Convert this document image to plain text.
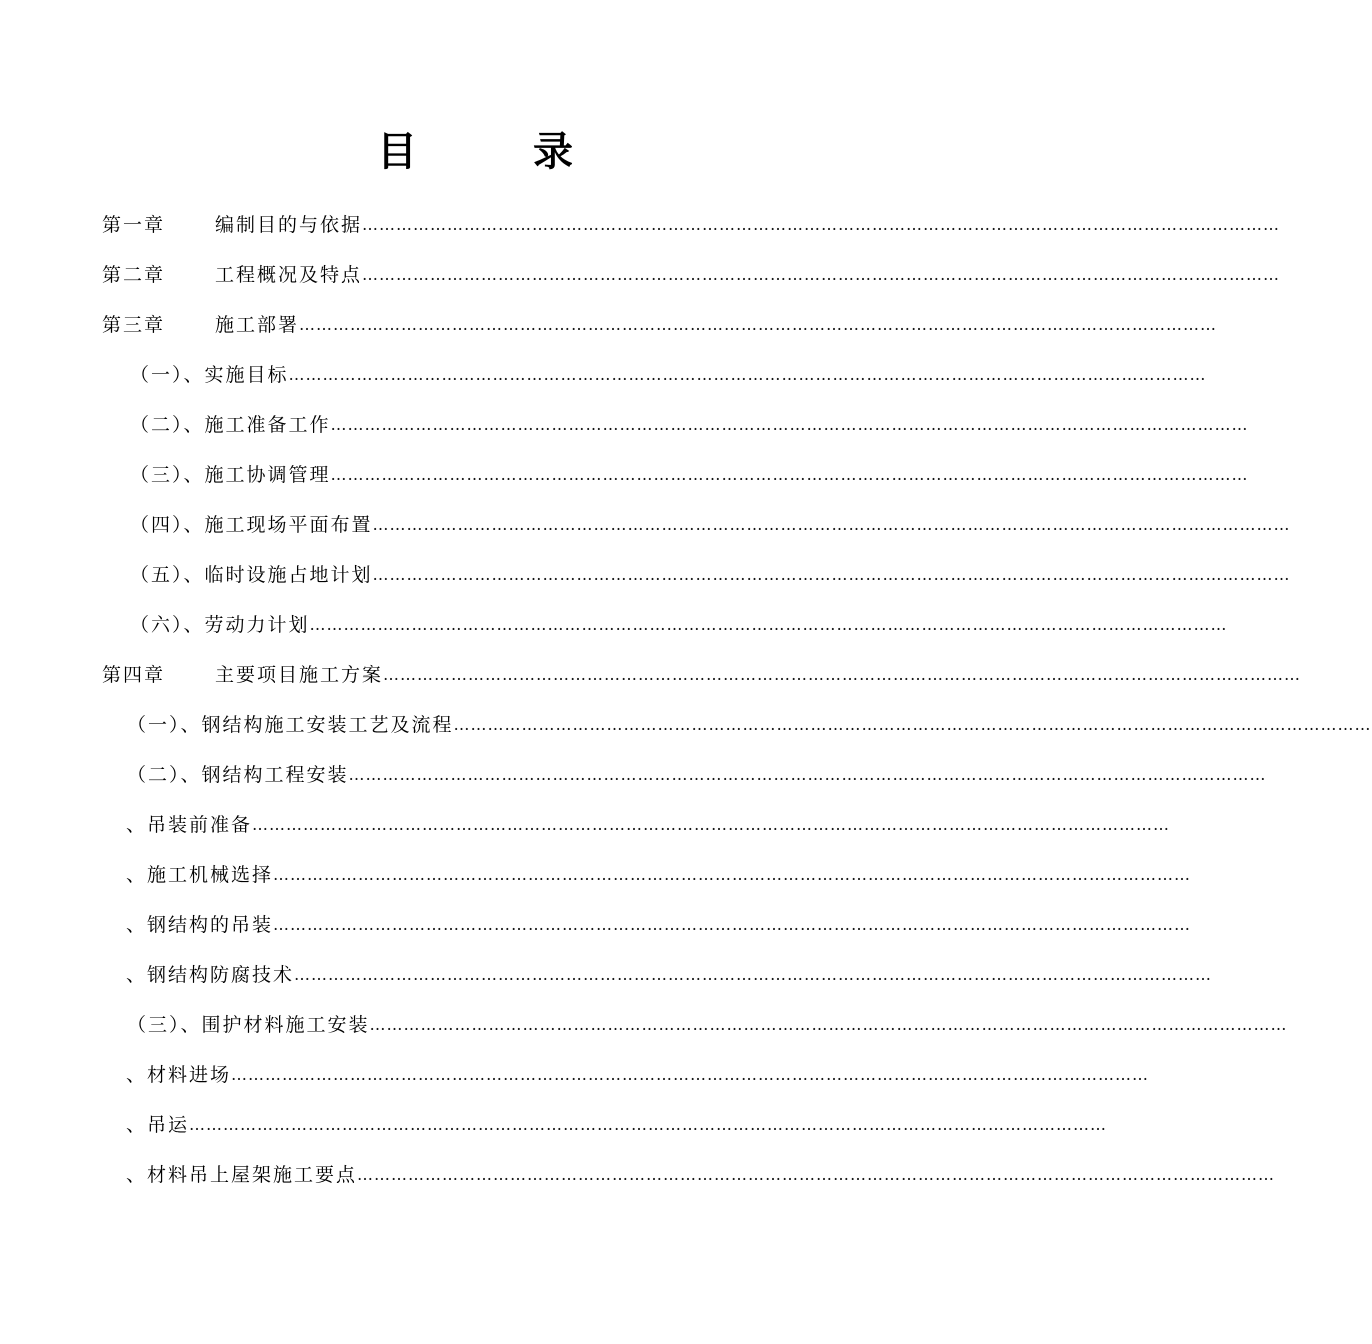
目　录
第一章	编制目的与依据 ………………………………………………………………………………………………………………………………………………
第二章	工程概况及特点 ………………………………………………………………………………………………………………………………………………
第三章	施工部署 ………………………………………………………………………………………………………………………………………………
（一）、实施目标 ………………………………………………………………………………………………………………………………………………
（二）、施工准备工作 ………………………………………………………………………………………………………………………………………………
（三）、施工协调管理 ………………………………………………………………………………………………………………………………………………
（四）、施工现场平面布置 ………………………………………………………………………………………………………………………………………………
（五）、临时设施占地计划 ………………………………………………………………………………………………………………………………………………
（六）、劳动力计划 ………………………………………………………………………………………………………………………………………………
第四章	主要项目施工方案 ………………………………………………………………………………………………………………………………………………
（一）、钢结构施工安装工艺及流程 ………………………………………………………………………………………………………………………………………………
（二）、钢结构工程安装 ………………………………………………………………………………………………………………………………………………
、吊装前准备 ………………………………………………………………………………………………………………………………………………
、施工机械选择 ………………………………………………………………………………………………………………………………………………
、钢结构的吊装 ………………………………………………………………………………………………………………………………………………
、钢结构防腐技术 ………………………………………………………………………………………………………………………………………………
（三）、围护材料施工安装 ………………………………………………………………………………………………………………………………………………
、材料进场 ………………………………………………………………………………………………………………………………………………
、吊运 ………………………………………………………………………………………………………………………………………………
、材料吊上屋架施工要点 ………………………………………………………………………………………………………………………………………………
